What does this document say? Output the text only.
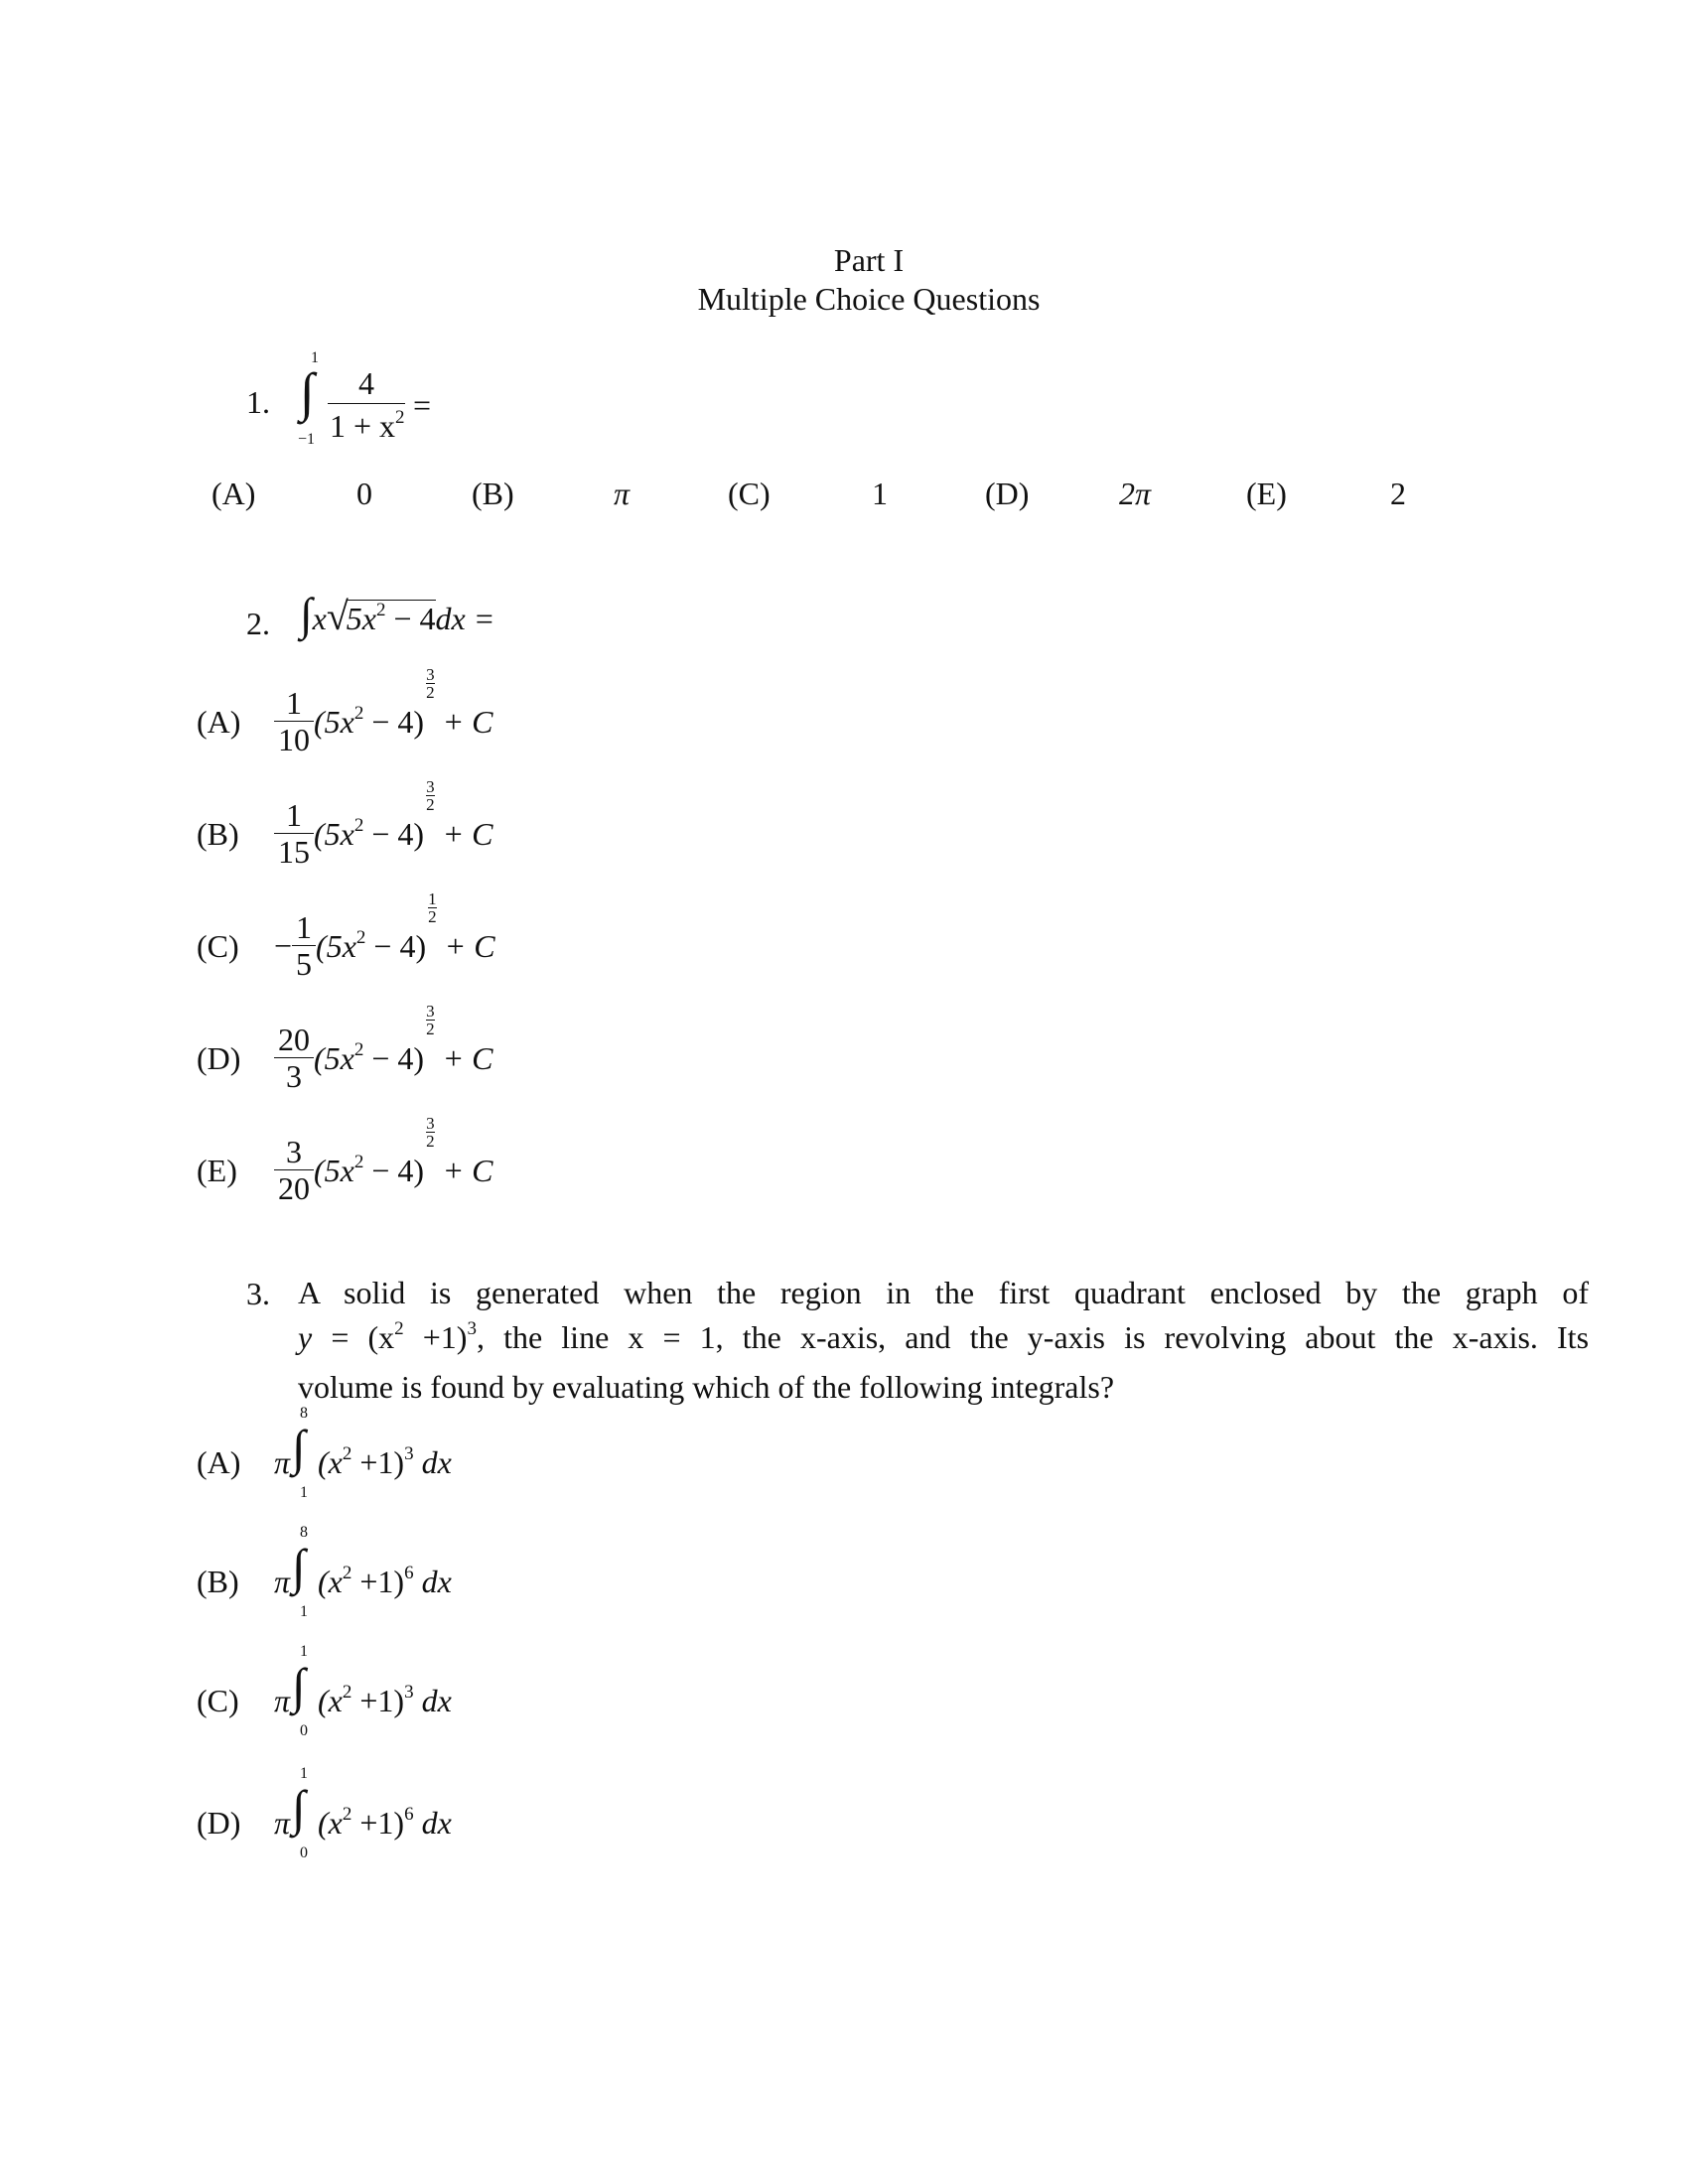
Part I
Multiple Choice Questions
1.
1
∫
−1
4
$1 + x^2$ =
(A)	0	(B)	π	(C)	1	(D)	2π	(E)	2
2. $\int x√5x^2 - 4dx$ =
$(A) \frac{1}{10} (5x^2 - 4)$
$\frac{3}{2}$
+ C
$(B) \frac{1}{15} (5x^2 - 4)$
$\frac{3}{2}$
+ C
$(C) - \frac{1}{5} (5x^2 - 4)$
$\frac{1}{2}$
+ C
$(D) \frac{20}{3} (5x^2 - 4)$
$\frac{3}{2}$
+ C
$(E) \frac{3}{20} (5x^2 - 4)$
$\frac{3}{2}$
+ C
3. A solid is generated when the region in the first quadrant enclosed by the graph of
$y = (x^2 +1)^3$, the line x = 1, the x-axis, and the y-axis is revolving about the x-axis. Its
volume is found by evaluating which of the following integrals?
(A) π
8
∫
1
$(x^2 +1)^3$ dx
(B) π
8
∫
1
$(x^2 +1)^6$ dx
(C) π
1
∫
0
$(x^2 +1)^3$ dx
(D) π
1
∫
0
$(x^2 +1)^6$ dx
